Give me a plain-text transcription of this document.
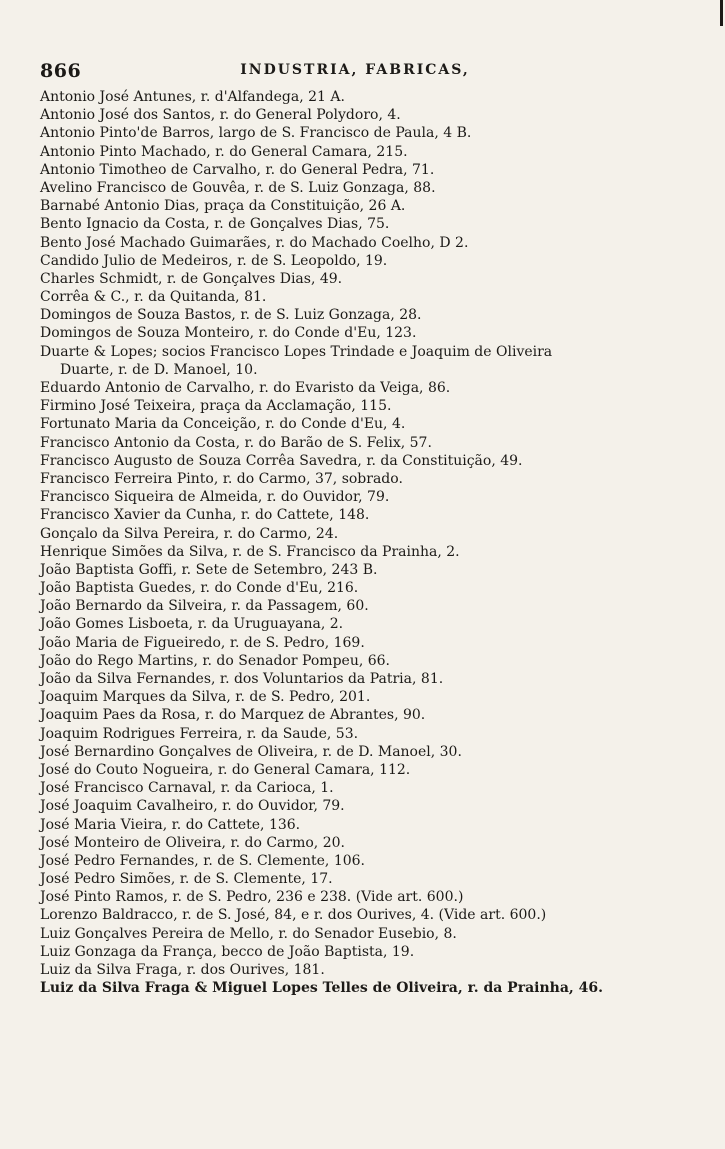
866	INDUSTRIA, FABRICAS,
Antonio José Antunes, r. d'Alfandega, 21 A.
Antonio José dos Santos, r. do General Polydoro, 4.
Antonio Pinto'de Barros, largo de S. Francisco de Paula, 4 B.
Antonio Pinto Machado, r. do General Camara, 215.
Antonio Timotheo de Carvalho, r. do General Pedra, 71.
Avelino Francisco de Gouvêa, r. de S. Luiz Gonzaga, 88.
Barnabé Antonio Dias, praça da Constituição, 26 A.
Bento Ignacio da Costa, r. de Gonçalves Dias, 75.
Bento José Machado Guimarães, r. do Machado Coelho, D 2.
Candido Julio de Medeiros, r. de S. Leopoldo, 19.
Charles Schmidt, r. de Gonçalves Dias, 49.
Corrêa & C., r. da Quitanda, 81.
Domingos de Souza Bastos, r. de S. Luiz Gonzaga, 28.
Domingos de Souza Monteiro, r. do Conde d'Eu, 123.
Duarte & Lopes; socios Francisco Lopes Trindade e Joaquim de Oliveira
Duarte, r. de D. Manoel, 10.
Eduardo Antonio de Carvalho, r. do Evaristo da Veiga, 86.
Firmino José Teixeira, praça da Acclamação, 115.
Fortunato Maria da Conceição, r. do Conde d'Eu, 4.
Francisco Antonio da Costa, r. do Barão de S. Felix, 57.
Francisco Augusto de Souza Corrêa Savedra, r. da Constituição, 49.
Francisco Ferreira Pinto, r. do Carmo, 37, sobrado.
Francisco Siqueira de Almeida, r. do Ouvidor, 79.
Francisco Xavier da Cunha, r. do Cattete, 148.
Gonçalo da Silva Pereira, r. do Carmo, 24.
Henrique Simões da Silva, r. de S. Francisco da Prainha, 2.
João Baptista Goffi, r. Sete de Setembro, 243 B.
João Baptista Guedes, r. do Conde d'Eu, 216.
João Bernardo da Silveira, r. da Passagem, 60.
João Gomes Lisboeta, r. da Uruguayana, 2.
João Maria de Figueiredo, r. de S. Pedro, 169.
João do Rego Martins, r. do Senador Pompeu, 66.
João da Silva Fernandes, r. dos Voluntarios da Patria, 81.
Joaquim Marques da Silva, r. de S. Pedro, 201.
Joaquim Paes da Rosa, r. do Marquez de Abrantes, 90.
Joaquim Rodrigues Ferreira, r. da Saude, 53.
José Bernardino Gonçalves de Oliveira, r. de D. Manoel, 30.
José do Couto Nogueira, r. do General Camara, 112.
José Francisco Carnaval, r. da Carioca, 1.
José Joaquim Cavalheiro, r. do Ouvidor, 79.
José Maria Vieira, r. do Cattete, 136.
José Monteiro de Oliveira, r. do Carmo, 20.
José Pedro Fernandes, r. de S. Clemente, 106.
José Pedro Simões, r. de S. Clemente, 17.
José Pinto Ramos, r. de S. Pedro, 236 e 238. (Vide art. 600.)
Lorenzo Baldracco, r. de S. José, 84, e r. dos Ourives, 4. (Vide art. 600.)
Luiz Gonçalves Pereira de Mello, r. do Senador Eusebio, 8.
Luiz Gonzaga da França, becco de João Baptista, 19.
Luiz da Silva Fraga, r. dos Ourives, 181.
Luiz da Silva Fraga & Miguel Lopes Telles de Oliveira, r. da Prainha, 46.
